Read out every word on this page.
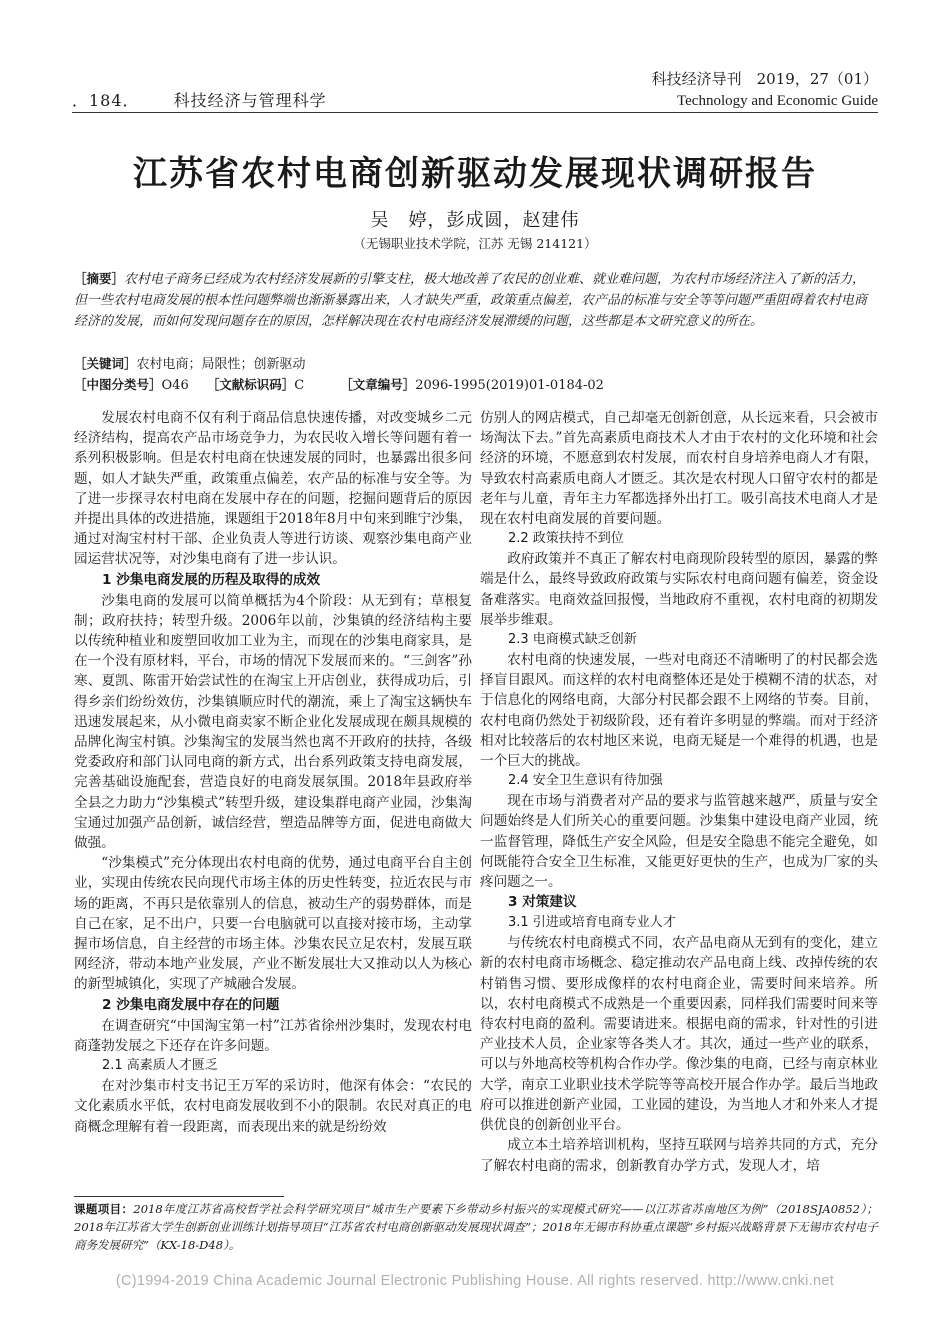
．184． 科技经济与管理科学
科技经济导刊　2019，27（01）
Technology and Economic Guide
江苏省农村电商创新驱动发展现状调研报告
吴　婷，彭成圆，赵建伟
（无锡职业技术学院，江苏 无锡 214121）
［摘要］农村电子商务已经成为农村经济发展新的引擎支柱，极大地改善了农民的创业难、就业难问题，为农村市场经济注入了新的活力，但一些农村电商发展的根本性问题弊端也渐渐暴露出来，人才缺失严重，政策重点偏差，农产品的标准与安全等等问题严重阻碍着农村电商经济的发展，而如何发现问题存在的原因，怎样解决现在农村电商经济发展滞缓的问题，这些都是本文研究意义的所在。
［关键词］农村电商；局限性；创新驱动
［中图分类号］O46 ［文献标识码］C	［文章编号］2096-1995(2019)01-0184-02

发展农村电商不仅有利于商品信息快速传播，对改变城乡二元经济结构，提高农产品市场竞争力，为农民收入增长等问题有着一系列积极影响。但是农村电商在快速发展的同时，也暴露出很多问题，如人才缺失严重，政策重点偏差，农产品的标准与安全等。为了进一步探寻农村电商在发展中存在的问题，挖掘问题背后的原因并提出具体的改进措施，课题组于2018年8月中旬来到睢宁沙集，通过对淘宝村村干部、企业负责人等进行访谈、观察沙集电商产业园运营状况等，对沙集电商有了进一步认识。

1 沙集电商发展的历程及取得的成效

沙集电商的发展可以简单概括为4个阶段：从无到有；草根复制；政府扶持；转型升级。2006年以前，沙集镇的经济结构主要以传统种植业和废塑回收加工业为主，而现在的沙集电商家具，是在一个没有原材料，平台，市场的情况下发展而来的。“三剑客”孙寒、夏凯、陈雷开始尝试性的在淘宝上开店创业，获得成功后，引得乡亲们纷纷效仿，沙集镇顺应时代的潮流，乘上了淘宝这辆快车迅速发展起来，从小微电商卖家不断企业化发展成现在颇具规模的品牌化淘宝村镇。沙集淘宝的发展当然也离不开政府的扶持，各级党委政府和部门认同电商的新方式，出台系列政策支持电商发展，完善基础设施配套，营造良好的电商发展氛围。2018年县政府举全县之力助力“沙集模式”转型升级，建设集群电商产业园，沙集淘宝通过加强产品创新，诚信经营，塑造品牌等方面，促进电商做大做强。

“沙集模式”充分体现出农村电商的优势，通过电商平台自主创业，实现由传统农民向现代市场主体的历史性转变，拉近农民与市场的距离，不再只是依靠别人的信息，被动生产的弱势群体，而是自己在家，足不出户，只要一台电脑就可以直接对接市场，主动掌握市场信息，自主经营的市场主体。沙集农民立足农村，发展互联网经济，带动本地产业发展，产业不断发展壮大又推动以人为核心的新型城镇化，实现了产城融合发展。

2 沙集电商发展中存在的问题

在调查研究“中国淘宝第一村”江苏省徐州沙集时，发现农村电商蓬勃发展之下还存在许多问题。

2.1 高素质人才匮乏

在对沙集市村支书记王万军的采访时，他深有体会：“农民的文化素质水平低，农村电商发展收到不小的限制。农民对真正的电商概念理解有着一段距离，而表现出来的就是纷纷效

仿别人的网店模式，自己却毫无创新创意，从长远来看，只会被市场淘汰下去。”首先高素质电商技术人才由于农村的文化环境和社会经济的环境，不愿意到农村发展，而农村自身培养电商人才有限，导致农村高素质电商人才匮乏。其次是农村现人口留守农村的都是老年与儿童，青年主力军都选择外出打工。吸引高技术电商人才是现在农村电商发展的首要问题。

2.2 政策扶持不到位

政府政策并不真正了解农村电商现阶段转型的原因，暴露的弊端是什么，最终导致政府政策与实际农村电商问题有偏差，资金设备难落实。电商效益回报慢，当地政府不重视，农村电商的初期发展举步维艰。

2.3 电商模式缺乏创新

农村电商的快速发展，一些对电商还不清晰明了的村民都会选择盲目跟风。而这样的农村电商整体还是处于模糊不清的状态，对于信息化的网络电商，大部分村民都会跟不上网络的节奏。目前，农村电商仍然处于初级阶段，还有着许多明显的弊端。而对于经济相对比较落后的农村地区来说，电商无疑是一个难得的机遇，也是一个巨大的挑战。

2.4 安全卫生意识有待加强

现在市场与消费者对产品的要求与监管越来越严，质量与安全问题始终是人们所关心的重要问题。沙集集中建设电商产业园，统一监督管理，降低生产安全风险，但是安全隐患不能完全避免，如何既能符合安全卫生标准，又能更好更快的生产，也成为厂家的头疼问题之一。

3 对策建议
3.1 引进或培育电商专业人才

与传统农村电商模式不同，农产品电商从无到有的变化，建立新的农村电商市场概念、稳定推动农产品电商上线、改掉传统的农村销售习惯、要形成像样的农村电商企业，需要时间来培养。所以，农村电商模式不成熟是一个重要因素，同样我们需要时间来等待农村电商的盈利。需要请进来。根据电商的需求，针对性的引进产业技术人员，企业家等各类人才。其次，通过一些产业的联系，可以与外地高校等机构合作办学。像沙集的电商，已经与南京林业大学，南京工业职业技术学院等等高校开展合作办学。最后当地政府可以推进创新产业园，工业园的建设，为当地人才和外来人才提供优良的创新创业平台。

成立本土培养培训机构，坚持互联网与培养共同的方式，充分了解农村电商的需求，创新教育办学方式，发现人才，培

课题项目：2018年度江苏省高校哲学社会科学研究项目“城市生产要素下乡带动乡村振兴的实现模式研究——以江苏省苏南地区为例”（2018SJA0852）；2018年江苏省大学生创新创业训练计划指导项目“江苏省农村电商创新驱动发展现状调查”；2018年无锡市科协重点课题“乡村振兴战略背景下无锡市农村电子商务发展研究”（KX-18-D48）。
(C)1994-2019 China Academic Journal Electronic Publishing House. All rights reserved. http://www.cnki.net
